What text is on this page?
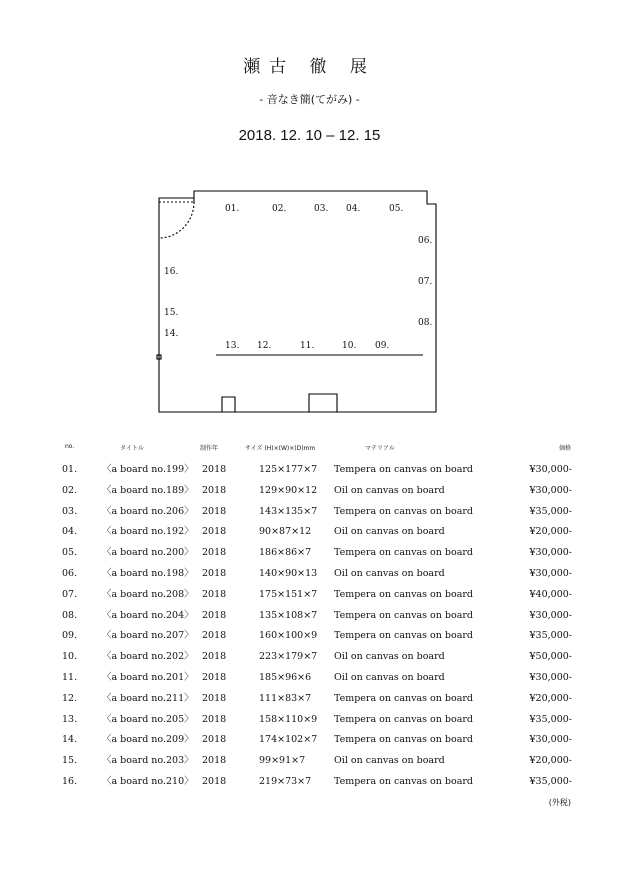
瀬古 徹 展
- 音なき簡(てがみ) -
2018. 12. 10 – 12. 15
01.	02.	03. 04.	05.
06.
07.
08.
09.
10.
11.
12.
13.
14.
15.
16.
no.	タイトル	制作年	サイズ (H)×(W)×(D)mm	マテリアル	価格
01.	〈a board no.199〉 2018	125×177×7 Tempera on canvas on board	¥30,000-
02.	〈a board no.189〉 2018	129×90×12 Oil on canvas on board	¥30,000-
03.	〈a board no.206〉 2018	143×135×7 Tempera on canvas on board	¥35,000-
04.	〈a board no.192〉 2018	90×87×12 Oil on canvas on board	¥20,000-
05.	〈a board no.200〉 2018	186×86×7 Tempera on canvas on board	¥30,000-
06.	〈a board no.198〉 2018	140×90×13 Oil on canvas on board	¥30,000-
07.	〈a board no.208〉 2018	175×151×7 Tempera on canvas on board	¥40,000-
08.	〈a board no.204〉 2018	135×108×7 Tempera on canvas on board	¥30,000-
09.	〈a board no.207〉 2018	160×100×9 Tempera on canvas on board	¥35,000-
10.	〈a board no.202〉 2018	223×179×7 Oil on canvas on board	¥50,000-
11.	〈a board no.201〉 2018	185×96×6 Oil on canvas on board	¥30,000-
12.	〈a board no.211〉 2018	111×83×7 Tempera on canvas on board	¥20,000-
13.	〈a board no.205〉 2018	158×110×9 Tempera on canvas on board	¥35,000-
14.	〈a board no.209〉 2018	174×102×7 Tempera on canvas on board	¥30,000-
15.	〈a board no.203〉 2018	99×91×7	Oil on canvas on board	¥20,000-
16.	〈a board no.210〉 2018	219×73×7 Tempera on canvas on board	¥35,000-
(外税)
